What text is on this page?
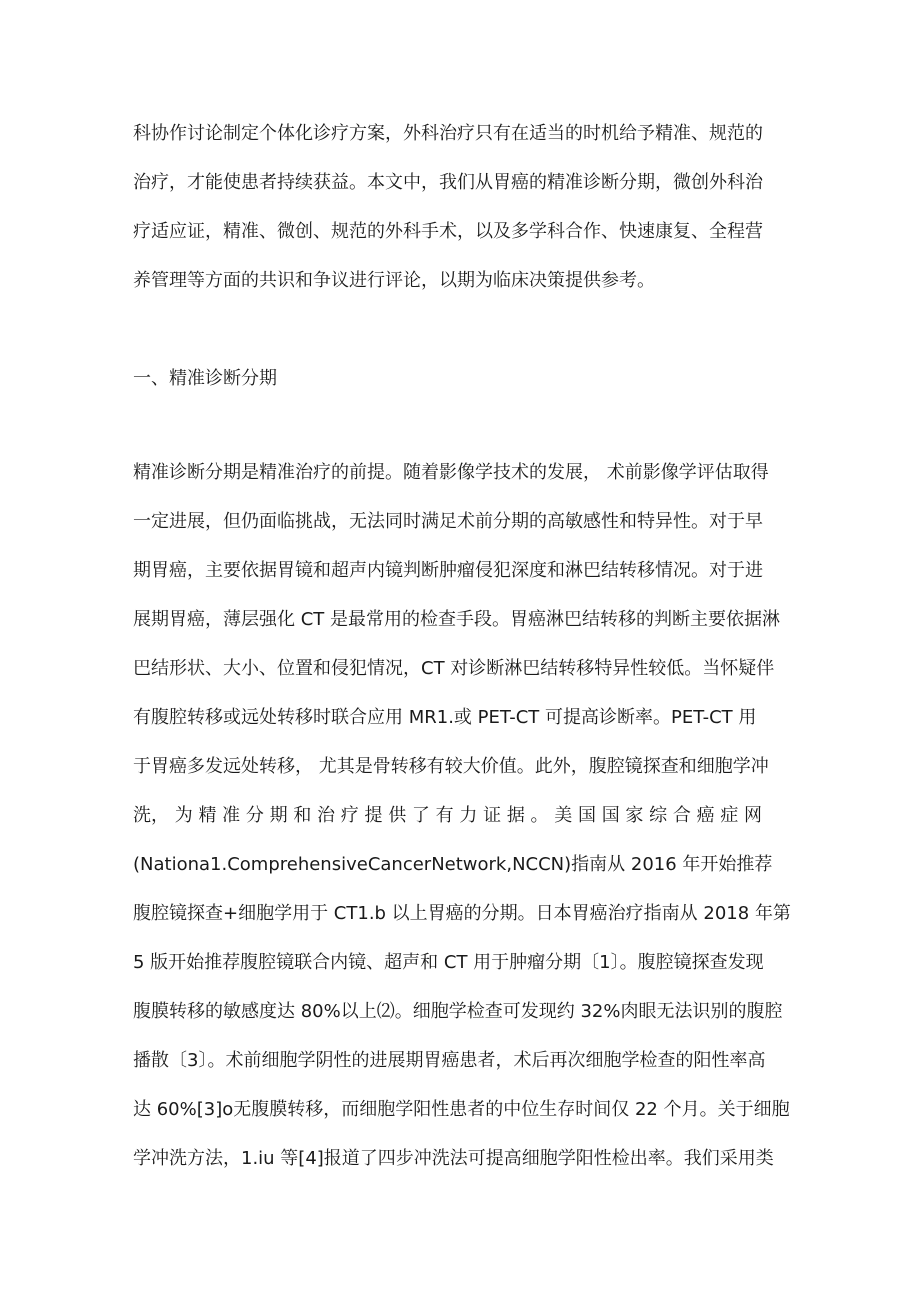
科协作讨论制定个体化诊疗方案，外科治疗只有在适当的时机给予精准、规范的
治疗，才能使患者持续获益。本文中，我们从胃癌的精准诊断分期，微创外科治
疗适应证，精准、微创、规范的外科手术，以及多学科合作、快速康复、全程营
养管理等方面的共识和争议进行评论，以期为临床决策提供参考。
一、精准诊断分期
精准诊断分期是精准治疗的前提。随着影像学技术的发展， 术前影像学评估取得
一定进展，但仍面临挑战，无法同时满足术前分期的高敏感性和特异性。对于早
期胃癌，主要依据胃镜和超声内镜判断肿瘤侵犯深度和淋巴结转移情况。对于进
展期胃癌，薄层强化 CT 是最常用的检查手段。胃癌淋巴结转移的判断主要依据淋
巴结形状、大小、位置和侵犯情况，CT 对诊断淋巴结转移特异性较低。当怀疑伴
有腹腔转移或远处转移时联合应用 MR1.或 PET-CT 可提高诊断率。PET-CT 用
于胃癌多发远处转移， 尤其是骨转移有较大价值。此外，腹腔镜探查和细胞学冲
洗， 为 精 准 分 期 和 治 疗 提 供 了 有 力 证 据 。 美 国 国 家 综 合 癌 症 网
(Nationa1.ComprehensiveCancerNetwork,NCCN)指南从 2016 年开始推荐
腹腔镜探查+细胞学用于 CT1.b 以上胃癌的分期。日本胃癌治疗指南从 2018 年第
5 版开始推荐腹腔镜联合内镜、超声和 CT 用于肿瘤分期〔1〕。腹腔镜探查发现
腹膜转移的敏感度达 80%以上⑵。细胞学检查可发现约 32%肉眼无法识别的腹腔
播散〔3〕。术前细胞学阴性的进展期胃癌患者，术后再次细胞学检查的阳性率高
达 60%[3]o无腹膜转移，而细胞学阳性患者的中位生存时间仅 22 个月。关于细胞
学冲洗方法，1.iu 等[4]报道了四步冲洗法可提高细胞学阳性检出率。我们采用类
